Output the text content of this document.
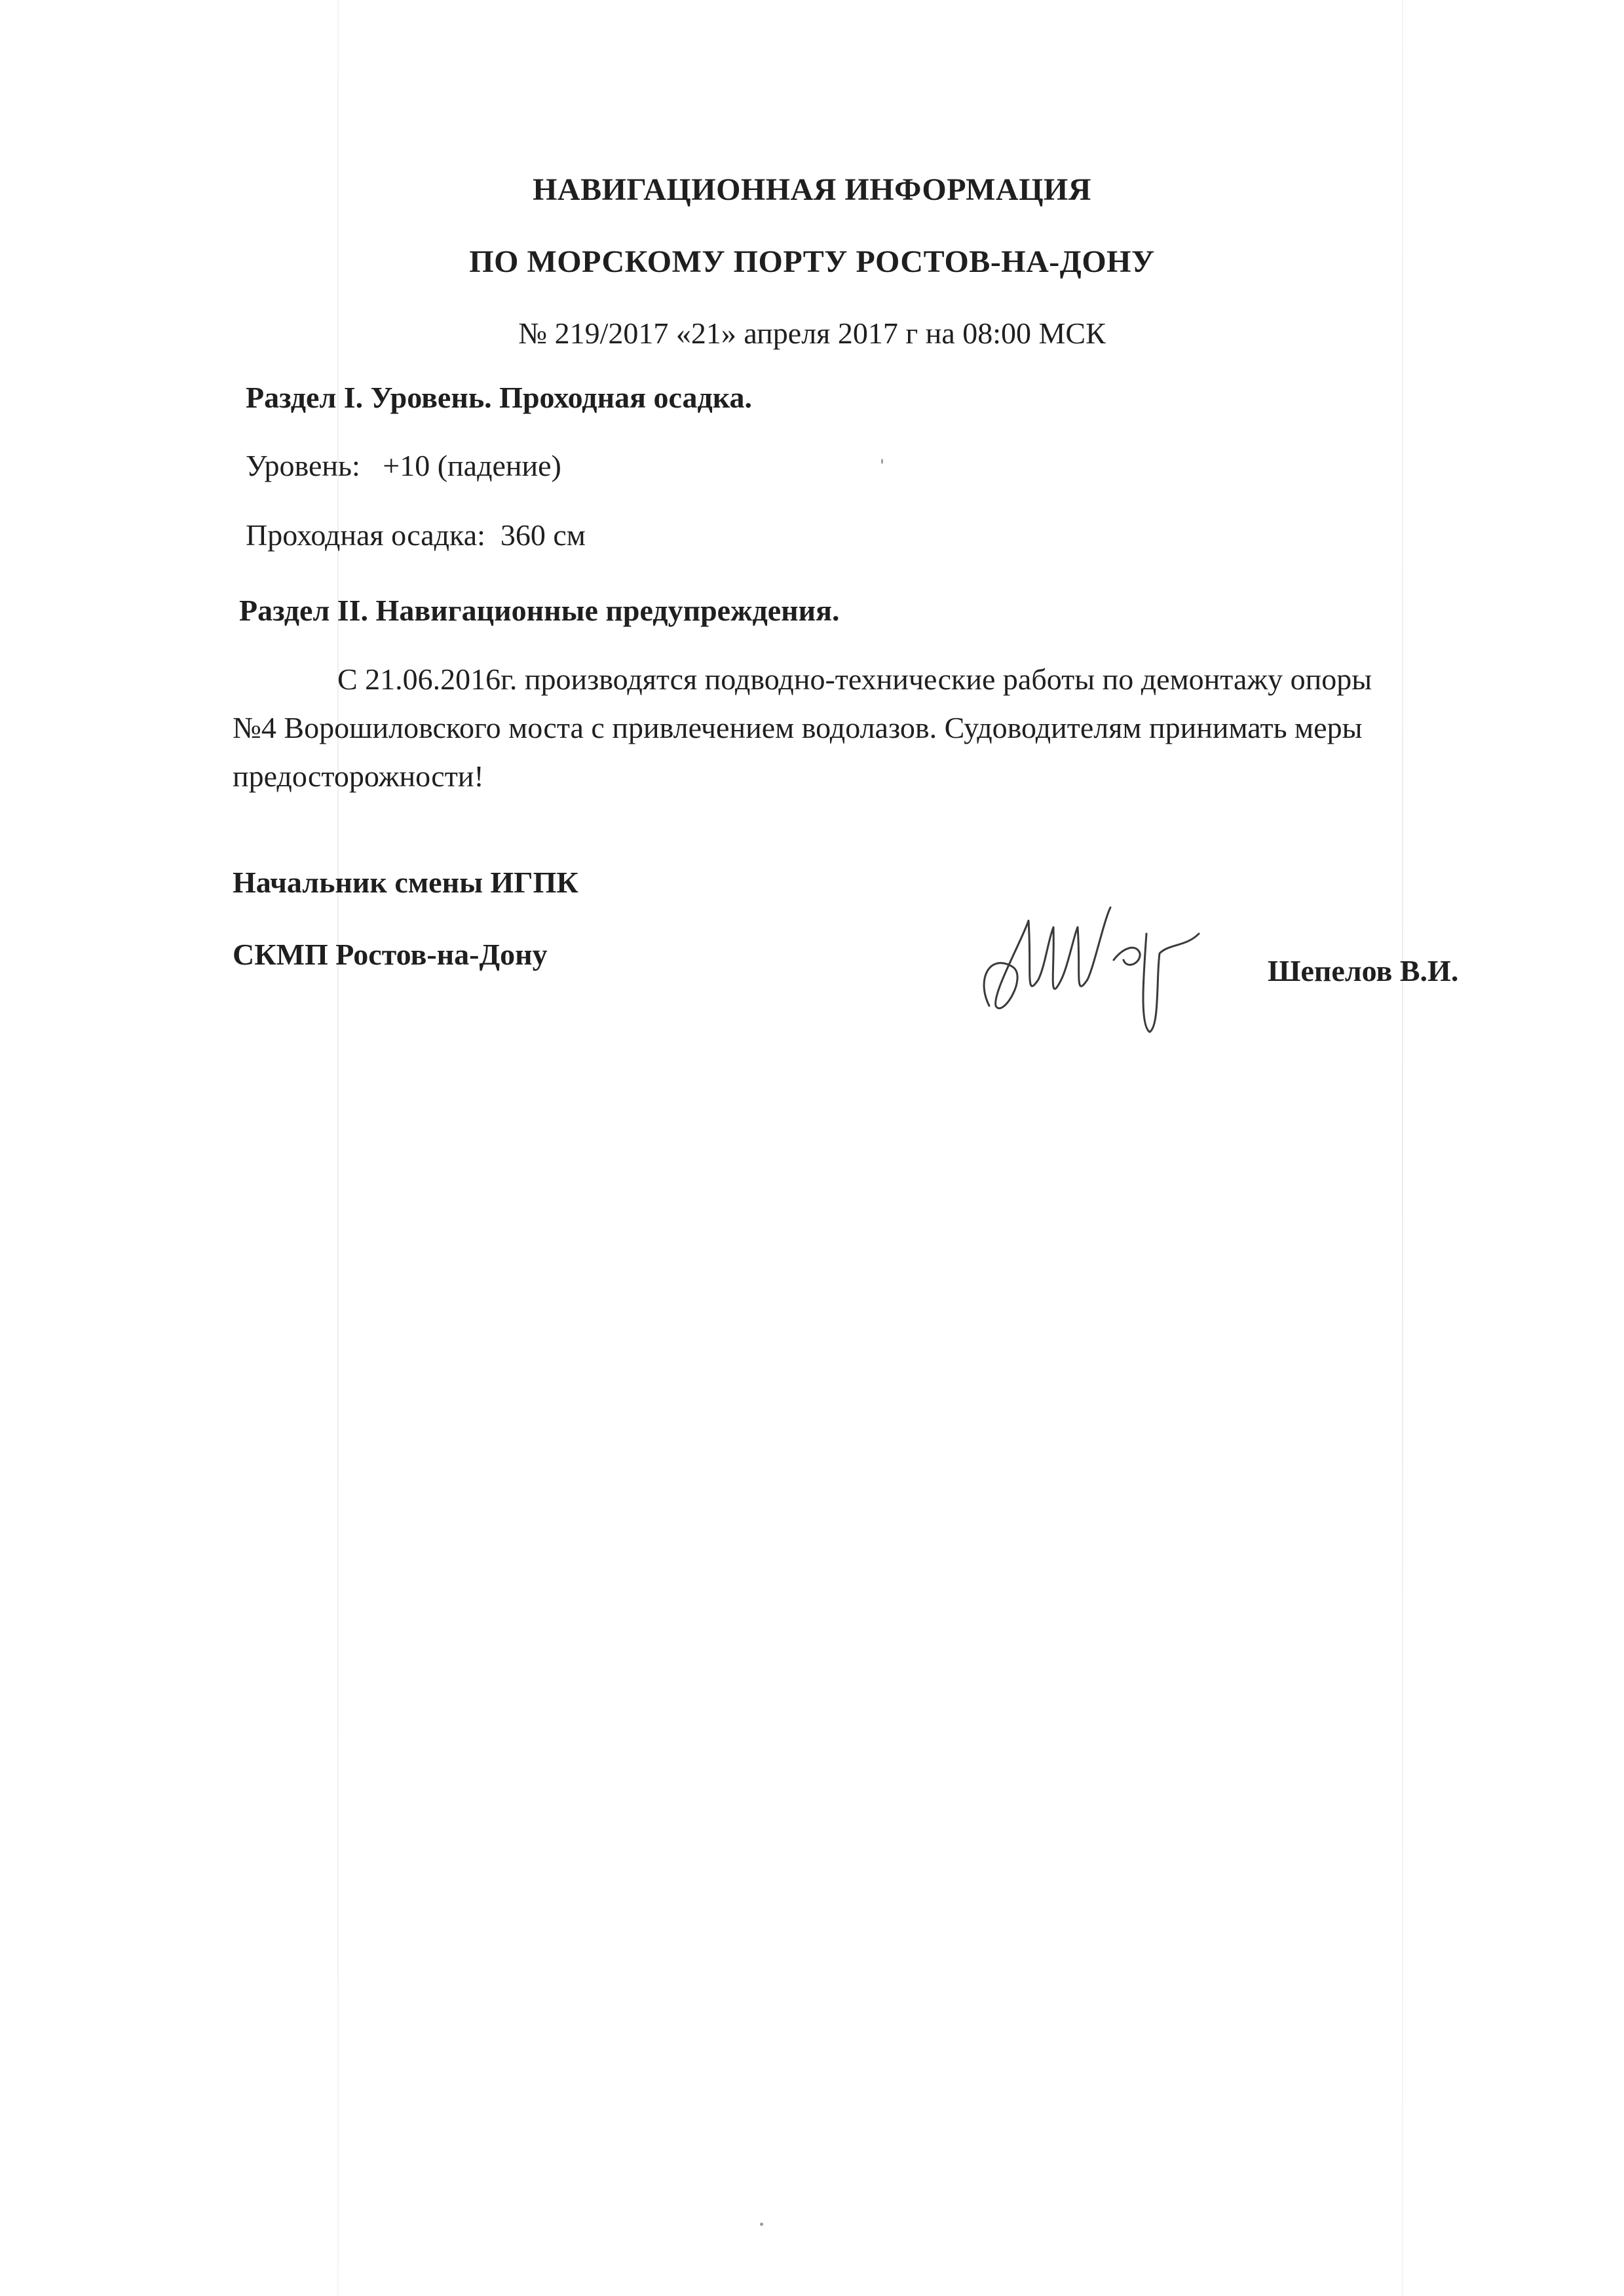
НАВИГАЦИОННАЯ ИНФОРМАЦИЯ
ПО МОРСКОМУ ПОРТУ РОСТОВ-НА-ДОНУ
№ 219/2017 «21» апреля 2017 г на 08:00 МСК
Раздел I. Уровень. Проходная осадка.
Уровень: +10 (падение)
Проходная осадка: 360 см
Раздел II. Навигационные предупреждения.
С 21.06.2016г. производятся подводно-технические работы по демонтажу опоры
№4 Ворошиловского моста с привлечением водолазов. Судоводителям принимать меры
предосторожности!
Начальник смены ИГПК
СКМП Ростов-на-Дону	Шепелов В.И.
